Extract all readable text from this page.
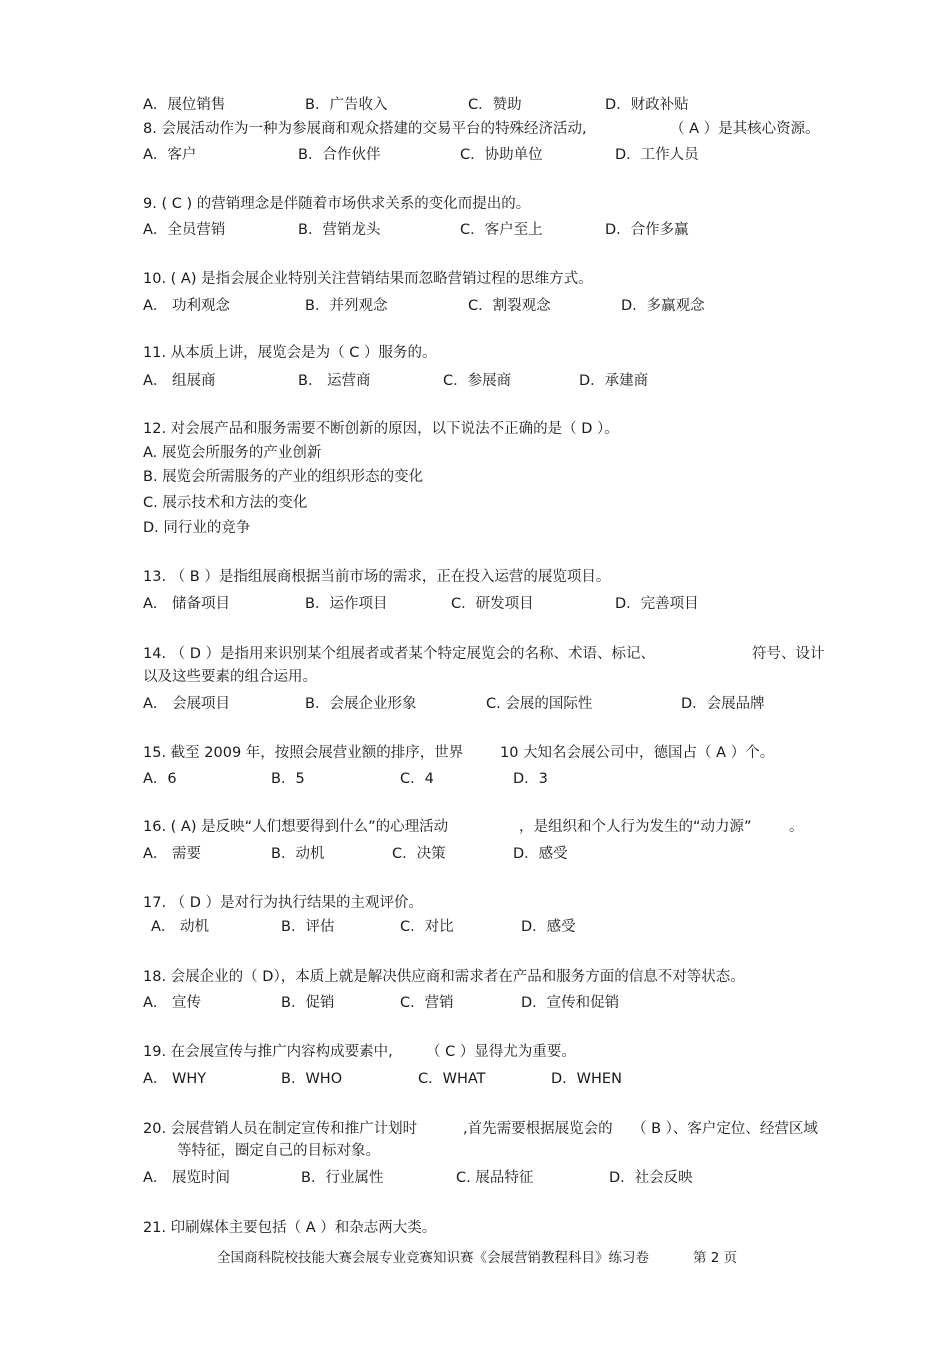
A．展位销售	B．广告收入	C．赞助	D．财政补贴
8. 会展活动作为一种为参展商和观众搭建的交易平台的特殊经济活动,	（ A ）是其核心资源。
A．客户	B．合作伙伴	C．协助单位	D．工作人员
9. ( C ) 的营销理念是伴随着市场供求关系的变化而提出的。
A．全员营销	B．营销龙头	C．客户至上	D．合作多赢
10. ( A) 是指会展企业特别关注营销结果而忽略营销过程的思维方式。
A． 功利观念	B．并列观念	C．割裂观念	D．多赢观念
11. 从本质上讲，展览会是为（ C ）服务的。
A． 组展商	B． 运营商	C．参展商	D．承建商
12. 对会展产品和服务需要不断创新的原因，以下说法不正确的是（ D ）。
A. 展览会所服务的产业创新
B. 展览会所需服务的产业的组织形态的变化
C. 展示技术和方法的变化
D. 同行业的竞争
13. （ B ）是指组展商根据当前市场的需求，正在投入运营的展览项目。
A． 储备项目	B．运作项目	C．研发项目	D．完善项目
14. （ D ）是指用来识别某个组展者或者某个特定展览会的名称、术语、标记、	符号、设计
以及这些要素的组合运用。
A． 会展项目	B．会展企业形象	C. 会展的国际性	D．会展品牌
15. 截至 2009 年，按照会展营业额的排序，世界	10 大知名会展公司中，德国占（ A ）个。
A．6	B．5	C．4	D．3
16. ( A) 是反映“人们想要得到什么”的心理活动	，是组织和个人行为发生的“动力源”	。
A． 需要	B．动机	C．决策	D．感受
17. （ D ）是对行为执行结果的主观评价。
A． 动机	B．评估	C．对比	D．感受
18. 会展企业的（ D），本质上就是解决供应商和需求者在产品和服务方面的信息不对等状态。
A． 宣传	B．促销	C．营销	D．宣传和促销
19. 在会展宣传与推广内容构成要素中, （ C ）显得尤为重要。
A． WHY	B．WHO	C．WHAT	D．WHEN
20. 会展营销人员在制定宣传和推广计划时	,首先需要根据展览会的 （ B ）、客户定位、经营区域
等特征，圈定自己的目标对象。
A． 展览时间	B．行业属性	C. 展品特征	D．社会反映
21. 印刷媒体主要包括（ A ）和杂志两大类。
全国商科院校技能大赛会展专业竞赛知识赛《会展营销教程科目》练习卷	第 2 页
